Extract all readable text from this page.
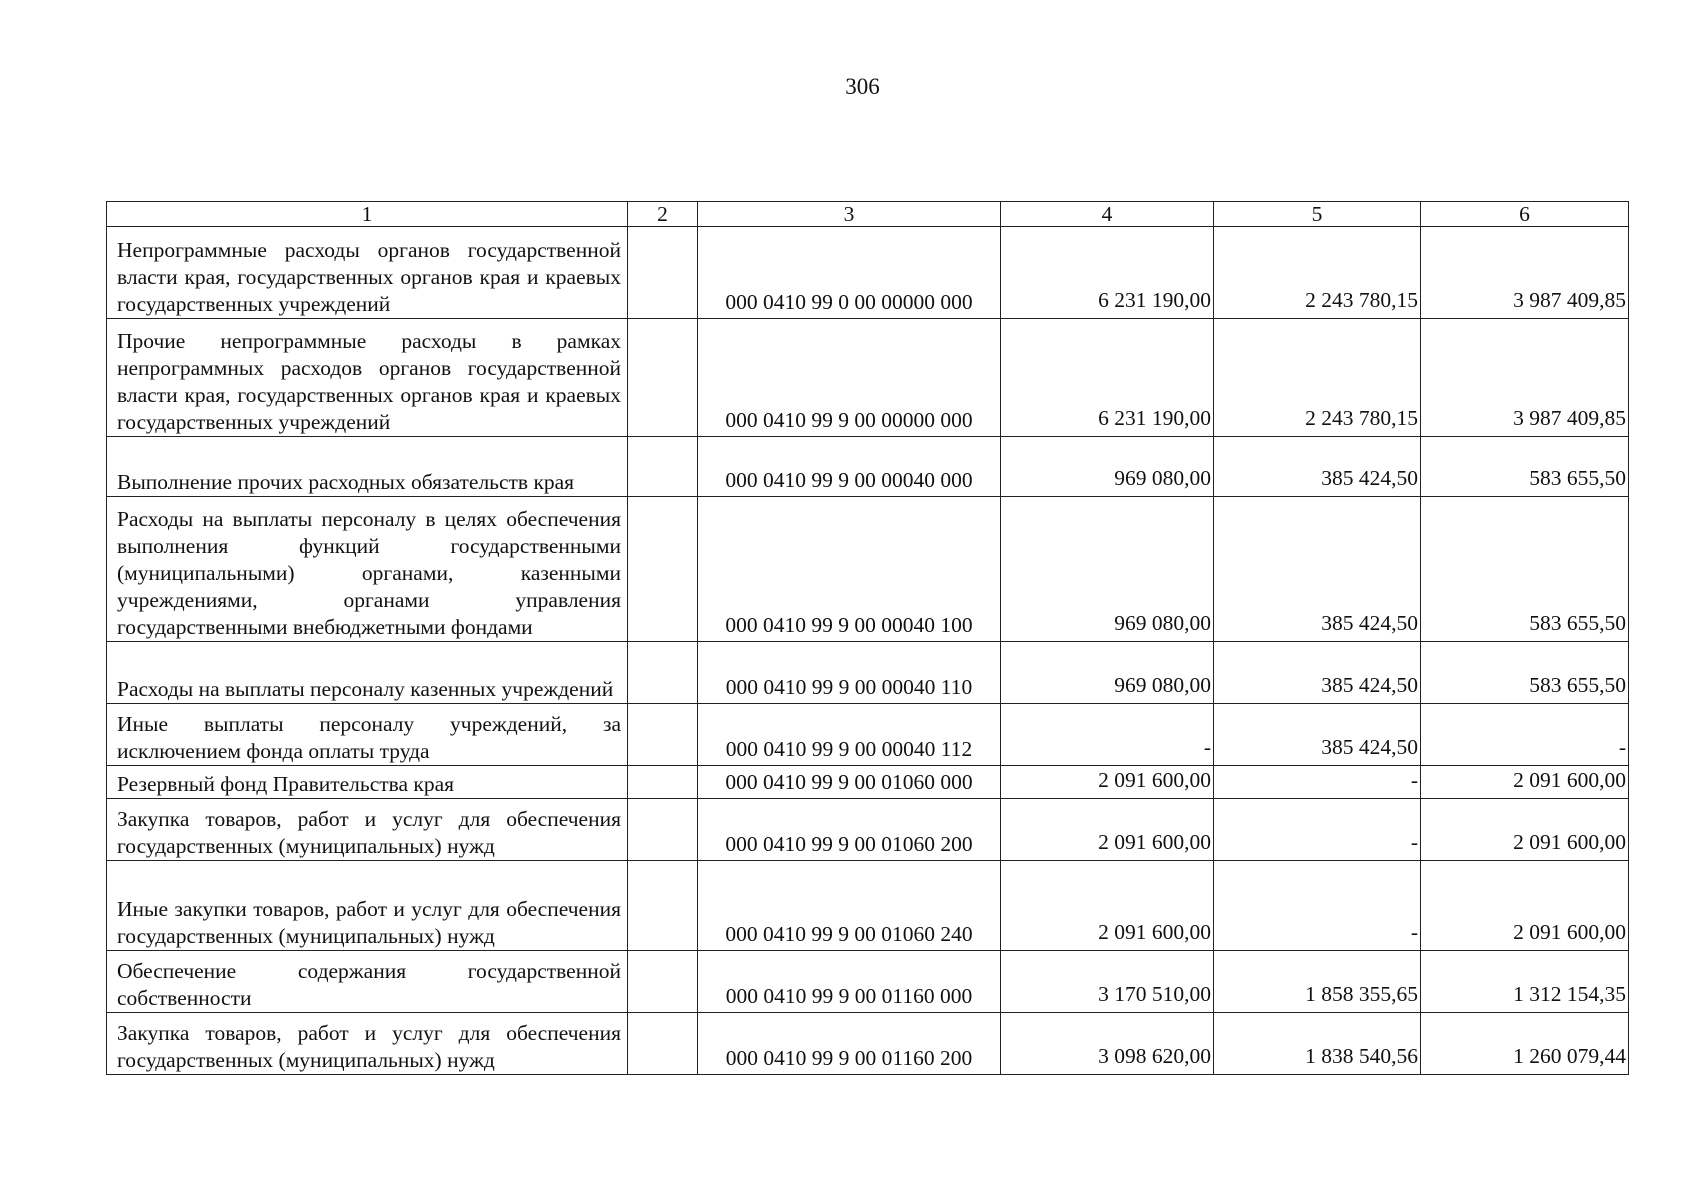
306
1	2	3	4	5	6
Непрограммные расходы органов государственной власти края, государственных органов края и краевых государственных учреждений		000 0410 99 0 00 00000 000	6 231 190,00	2 243 780,15	3 987 409,85
Прочие непрограммные расходы в рамках непрограммных расходов органов государственной власти края, государственных органов края и краевых государственных учреждений		000 0410 99 9 00 00000 000	6 231 190,00	2 243 780,15	3 987 409,85
Выполнение прочих расходных обязательств края		000 0410 99 9 00 00040 000	969 080,00	385 424,50	583 655,50
Расходы на выплаты персоналу в целях обеспечения выполнения функций государственными (муниципальными) органами, казенными учреждениями, органами управления государственными внебюджетными фондами		000 0410 99 9 00 00040 100	969 080,00	385 424,50	583 655,50
Расходы на выплаты персоналу казенных учреждений		000 0410 99 9 00 00040 110	969 080,00	385 424,50	583 655,50
Иные выплаты персоналу учреждений, за исключением фонда оплаты труда		000 0410 99 9 00 00040 112	-	385 424,50	-
Резервный фонд Правительства края		000 0410 99 9 00 01060 000	2 091 600,00	-	2 091 600,00
Закупка товаров, работ и услуг для обеспечения государственных (муниципальных) нужд		000 0410 99 9 00 01060 200	2 091 600,00	-	2 091 600,00
Иные закупки товаров, работ и услуг для обеспечения государственных (муниципальных) нужд		000 0410 99 9 00 01060 240	2 091 600,00	-	2 091 600,00
Обеспечение содержания государственной собственности		000 0410 99 9 00 01160 000	3 170 510,00	1 858 355,65	1 312 154,35
Закупка товаров, работ и услуг для обеспечения государственных (муниципальных) нужд		000 0410 99 9 00 01160 200	3 098 620,00	1 838 540,56	1 260 079,44
